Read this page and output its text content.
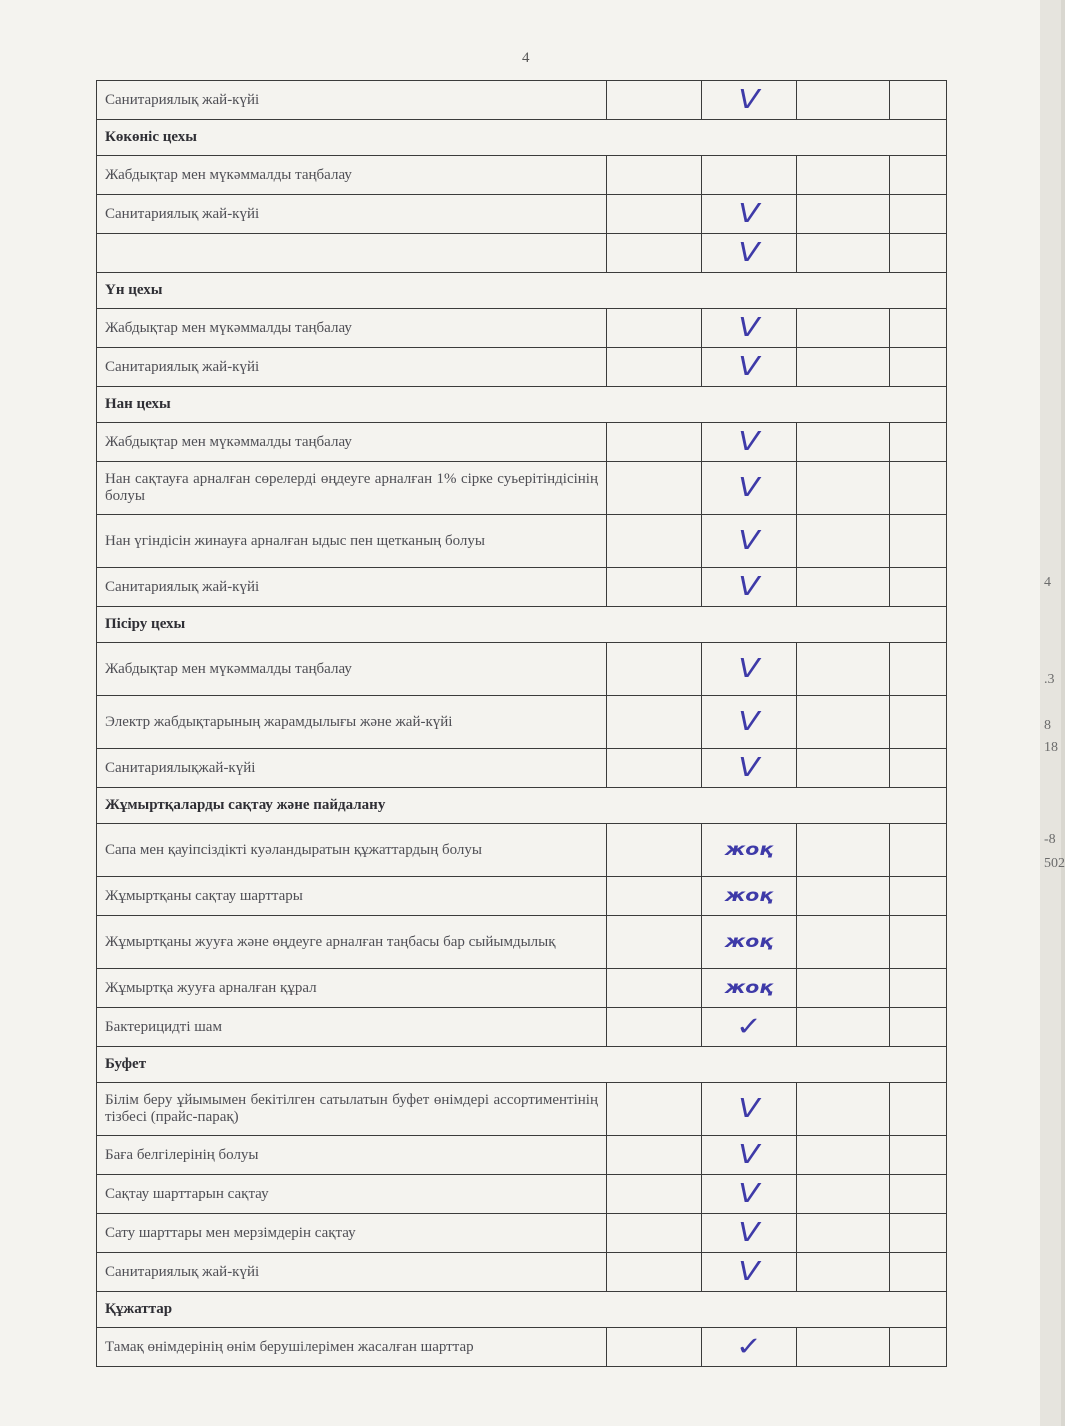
4
Санитариялық жай-күйі		V		
Көкөніс цехы				
Жабдықтар мен мүкәммалды таңбалау				
Санитариялық жай-күйі		V		
		V		
Үн цехы				
Жабдықтар мен мүкәммалды таңбалау		V		
Санитариялық жай-күйі		V		
Нан цехы				
Жабдықтар мен мүкәммалды таңбалау		V		
Нан сақтауға арналған сөрелерді өңдеуге арналған 1% сірке суьерітіндісінің болуы		V		
Нан үгіндісін жинауға арналған ыдыс пен щетканың болуы		V		
Санитариялық жай-күйі		V		
Пісіру цехы				
Жабдықтар мен мүкәммалды таңбалау		V		
Электр жабдықтарының жарамдылығы және жай-күйі		V		
Санитариялықжай-күйі		V		
Жұмыртқаларды сақтау және пайдалану				
Сапа мен қауіпсіздікті куәландыратын құжаттардың болуы		жоқ		
Жұмыртқаны сақтау шарттары		жоқ		
Жұмыртқаны жууға және өңдеуге арналған таңбасы бар сыйымдылық		жоқ		
Жұмыртқа жууға арналған құрал		жоқ		
Бактерицидті шам		✓		
Буфет				
Білім беру ұйымымен бекітілген сатылатын буфет өнімдері ассортиментінің тізбесі (прайс-парақ)		V		
Баға белгілерінің болуы		V		
Сақтау шарттарын сақтау		V		
Сату шарттары мен мерзімдерін сақтау		V		
Санитариялық жай-күйі		V		
Құжаттар				
Тамақ өнімдерінің өнім берушілерімен жасалған шарттар		✓		
4
.3
8
18
-8
502
